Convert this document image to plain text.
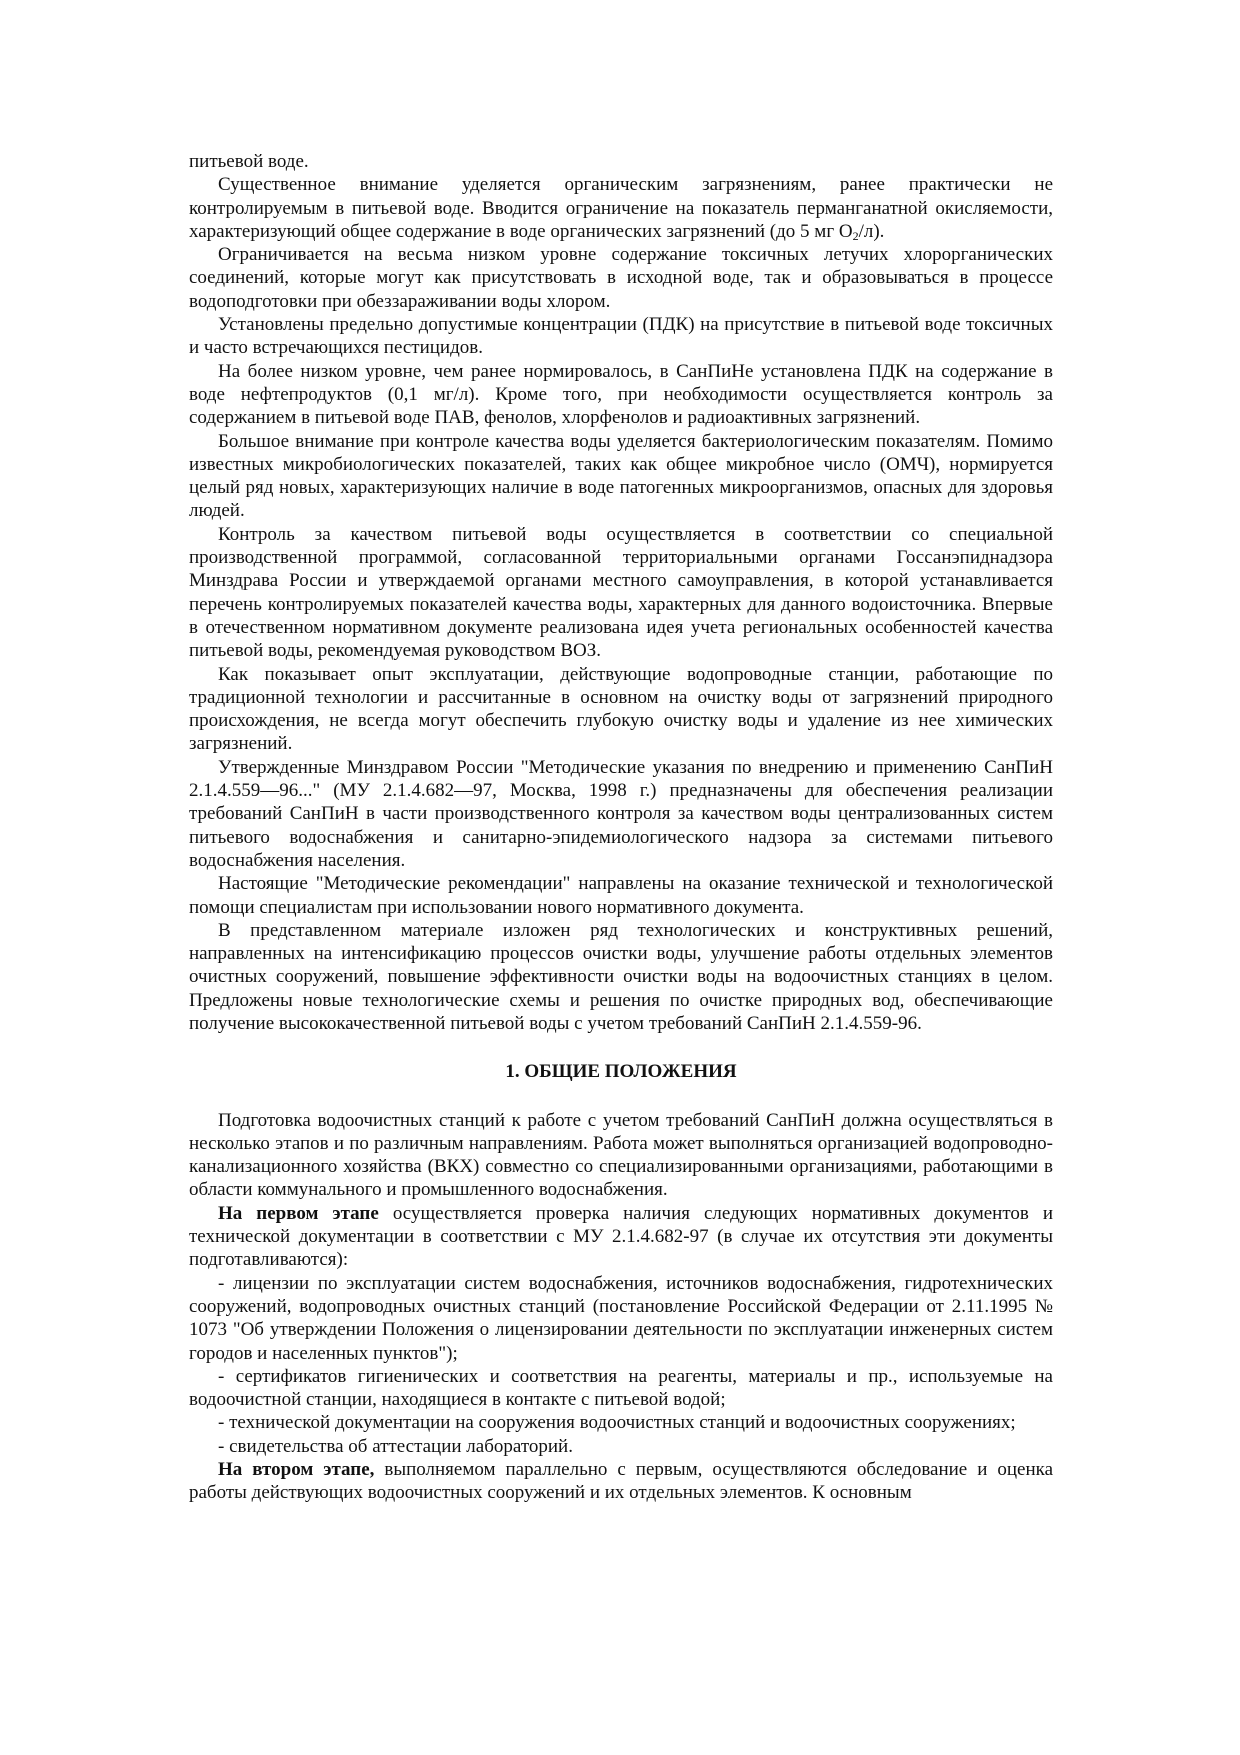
питьевой воде.

Существенное внимание уделяется органическим загрязнениям, ранее практически не контролируемым в питьевой воде. Вводится ограничение на показатель перманганатной окисляемости, характеризующий общее содержание в воде органических загрязнений (до 5 мг $O_2/л$).

Ограничивается на весьма низком уровне содержание токсичных летучих хлорорганических соединений, которые могут как присутствовать в исходной воде, так и образовываться в процессе водоподготовки при обеззараживании воды хлором.

Установлены предельно допустимые концентрации (ПДК) на присутствие в питьевой воде токсичных и часто встречающихся пестицидов.

На более низком уровне, чем ранее нормировалось, в СанПиНе установлена ПДК на содержание в воде нефтепродуктов (0,1 мг/л). Кроме того, при необходимости осуществляется контроль за содержанием в питьевой воде ПАВ, фенолов, хлорфенолов и радиоактивных загрязнений.

Большое внимание при контроле качества воды уделяется бактериологическим показателям. Помимо известных микробиологических показателей, таких как общее микробное число (ОМЧ), нормируется целый ряд новых, характеризующих наличие в воде патогенных микроорганизмов, опасных для здоровья людей.

Контроль за качеством питьевой воды осуществляется в соответствии со специальной производственной программой, согласованной территориальными органами Госсанэпиднадзора Минздрава России и утверждаемой органами местного самоуправления, в которой устанавливается перечень контролируемых показателей качества воды, характерных для данного водоисточника. Впервые в отечественном нормативном документе реализована идея учета региональных особенностей качества питьевой воды, рекомендуемая руководством ВОЗ.

Как показывает опыт эксплуатации, действующие водопроводные станции, работающие по традиционной технологии и рассчитанные в основном на очистку воды от загрязнений природного происхождения, не всегда могут обеспечить глубокую очистку воды и удаление из нее химических загрязнений.

Утвержденные Минздравом России "Методические указания по внедрению и применению СанПиН 2.1.4.559—96..." (МУ 2.1.4.682—97, Москва, 1998 г.) предназначены для обеспечения реализации требований СанПиН в части производственного контроля за качеством воды централизованных систем питьевого водоснабжения и санитарно-эпидемиологического надзора за системами питьевого водоснабжения населения.

Настоящие "Методические рекомендации" направлены на оказание технической и технологической помощи специалистам при использовании нового нормативного документа.

В представленном материале изложен ряд технологических и конструктивных решений, направленных на интенсификацию процессов очистки воды, улучшение работы отдельных элементов очистных сооружений, повышение эффективности очистки воды на водоочистных станциях в целом. Предложены новые технологические схемы и решения по очистке природных вод, обеспечивающие получение высококачественной питьевой воды с учетом требований СанПиН 2.1.4.559-96.

1. ОБЩИЕ ПОЛОЖЕНИЯ

Подготовка водоочистных станций к работе с учетом требований СанПиН должна осуществляться в несколько этапов и по различным направлениям. Работа может выполняться организацией водопроводно-канализационного хозяйства (ВКХ) совместно со специализированными организациями, работающими в области коммунального и промышленного водоснабжения.

На первом этапе осуществляется проверка наличия следующих нормативных документов и технической документации в соответствии с МУ 2.1.4.682-97 (в случае их отсутствия эти документы подготавливаются):

- лицензии по эксплуатации систем водоснабжения, источников водоснабжения, гидротехнических сооружений, водопроводных очистных станций (постановление Российской Федерации от 2.11.1995 № 1073 "Об утверждении Положения о лицензировании деятельности по эксплуатации инженерных систем городов и населенных пунктов");

- сертификатов гигиенических и соответствия на реагенты, материалы и пр., используемые на водоочистной станции, находящиеся в контакте с питьевой водой;

- технической документации на сооружения водоочистных станций и водоочистных сооружениях;

- свидетельства об аттестации лабораторий.

На втором этапе, выполняемом параллельно с первым, осуществляются обследование и оценка работы действующих водоочистных сооружений и их отдельных элементов. К основным
